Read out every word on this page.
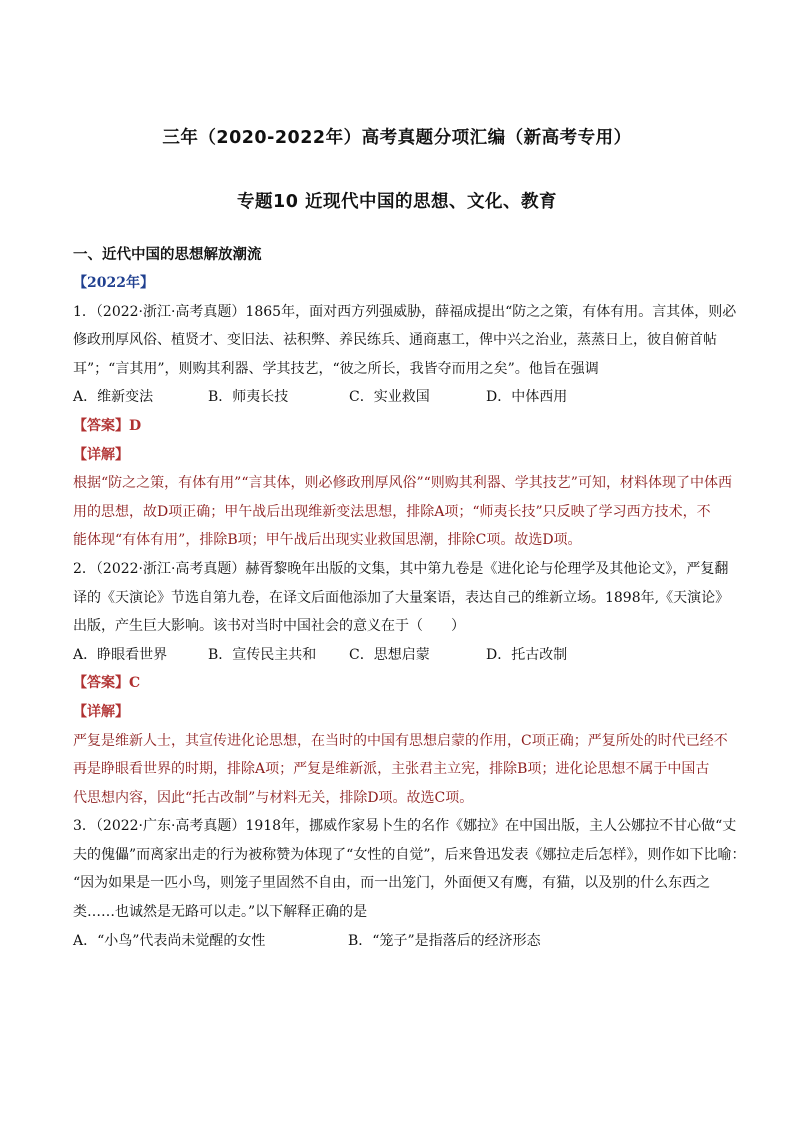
三年（2020-2022年）高考真题分项汇编（新高考专用）
专题10 近现代中国的思想、文化、教育
一、近代中国的思想解放潮流
【2022年】
1．（2022·浙江·高考真题）1865年，面对西方列强威胁，薛福成提出“防之之策，有体有用。言其体，则必
修政刑厚风俗、植贤才、变旧法、祛积弊、养民练兵、通商惠工，俾中兴之治业，蒸蒸日上，彼自俯首帖
耳”；“言其用”，则购其利器、学其技艺，“彼之所长，我皆夺而用之矣”。他旨在强调
A．维新变法	B．师夷长技	C．实业救国	D．中体西用
【答案】D
【详解】
根据“防之之策，有体有用”“言其体，则必修政刑厚风俗”“则购其利器、学其技艺”可知，材料体现了中体西
用的思想，故D项正确；甲午战后出现维新变法思想，排除A项；“师夷长技”只反映了学习西方技术，不
能体现“有体有用”，排除B项；甲午战后出现实业救国思潮，排除C项。故选D项。
2．（2022·浙江·高考真题）赫胥黎晚年出版的文集，其中第九卷是《进化论与伦理学及其他论文》，严复翻
译的《天演论》节选自第九卷，在译文后面他添加了大量案语，表达自己的维新立场。1898年,《天演论》
出版，产生巨大影响。该书对当时中国社会的意义在于（　　）
A．睁眼看世界	B．宣传民主共和	C．思想启蒙	D．托古改制
【答案】C
【详解】
严复是维新人士，其宣传进化论思想，在当时的中国有思想启蒙的作用，C项正确；严复所处的时代已经不
再是睁眼看世界的时期，排除A项；严复是维新派，主张君主立宪，排除B项；进化论思想不属于中国古
代思想内容，因此“托古改制”与材料无关，排除D项。故选C项。
3．（2022·广东·高考真题）1918年，挪威作家易卜生的名作《娜拉》在中国出版，主人公娜拉不甘心做“丈
夫的傀儡”而离家出走的行为被称赞为体现了“女性的自觉”，后来鲁迅发表《娜拉走后怎样》，则作如下比喻：
“因为如果是一匹小鸟，则笼子里固然不自由，而一出笼门，外面便又有鹰，有猫，以及别的什么东西之
类……也诚然是无路可以走。”以下解释正确的是
A．“小鸟”代表尚未觉醒的女性	B．“笼子”是指落后的经济形态
